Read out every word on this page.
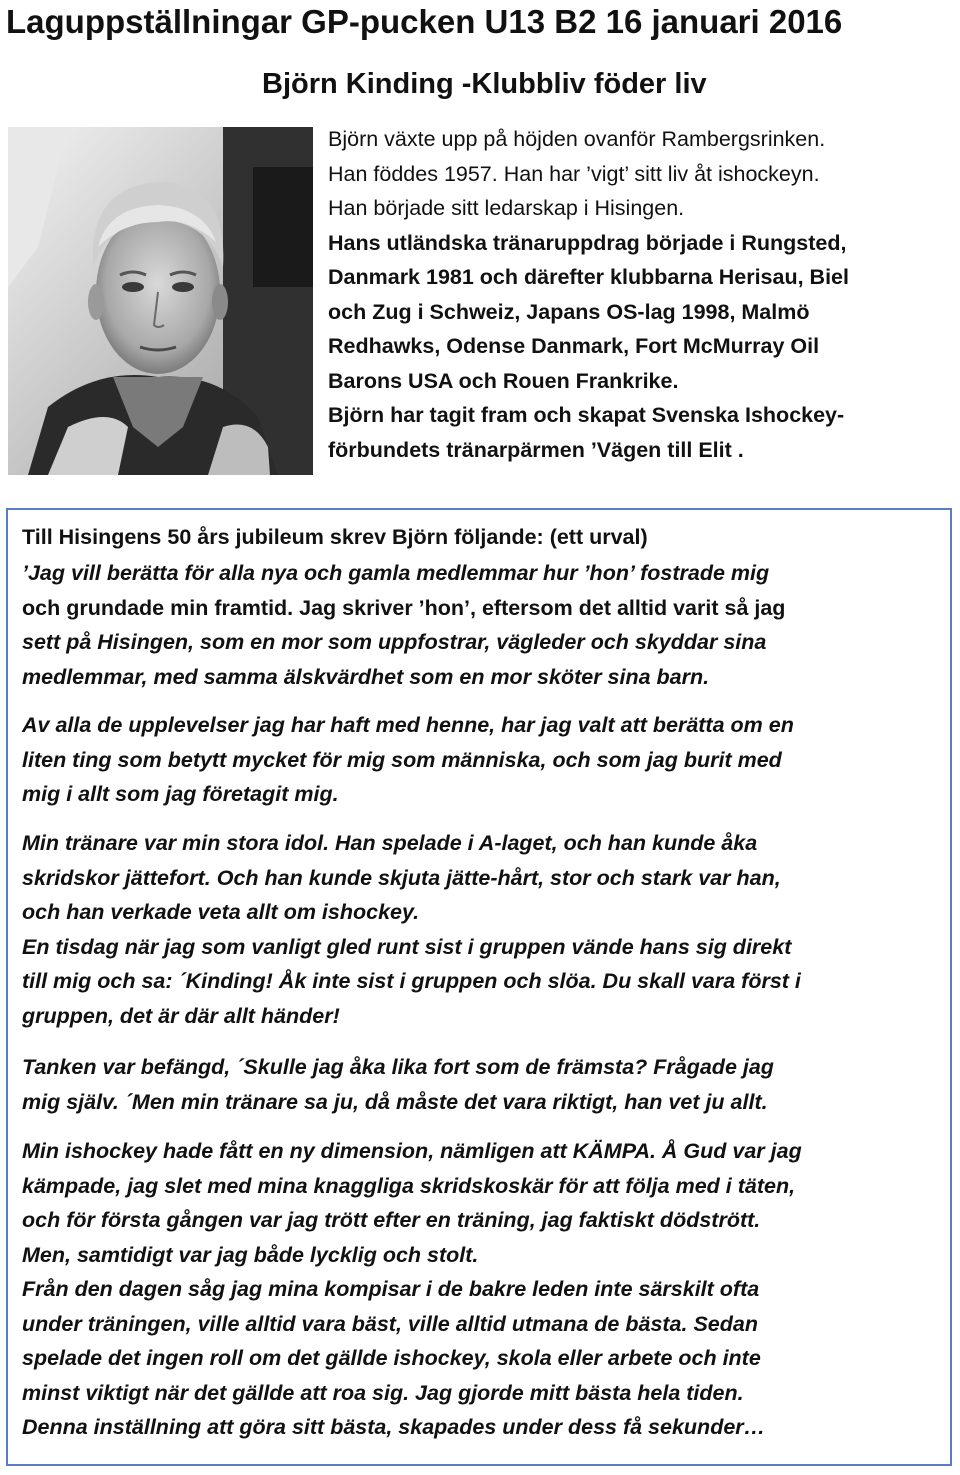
Laguppställningar GP-pucken U13 B2 16 januari 2016
Björn Kinding -Klubbliv föder liv
Björn växte upp på höjden ovanför Rambergsrinken.
Han föddes 1957. Han har ’vigt’ sitt liv åt ishockeyn.
Han började sitt ledarskap i Hisingen.
Hans utländska tränaruppdrag började i Rungsted,
Danmark 1981 och därefter klubbarna Herisau, Biel
och Zug i Schweiz, Japans OS-lag 1998, Malmö
Redhawks, Odense Danmark, Fort McMurray Oil
Barons USA och Rouen Frankrike.
Björn har tagit fram och skapat Svenska Ishockey-
förbundets tränarpärmen ’Vägen till Elit .
Till Hisingens 50 års jubileum skrev Björn följande: (ett urval)
’Jag vill berätta för alla nya och gamla medlemmar hur ’hon’ fostrade mig
och grundade min framtid. Jag skriver ’hon’, eftersom det alltid varit så jag
sett på Hisingen, som en mor som uppfostrar, vägleder och skyddar sina
medlemmar, med samma älskvärdhet som en mor sköter sina barn.
Av alla de upplevelser jag har haft med henne, har jag valt att berätta om en
liten ting som betytt mycket för mig som människa, och som jag burit med
mig i allt som jag företagit mig.
Min tränare var min stora idol. Han spelade i A-laget, och han kunde åka
skridskor jättefort. Och han kunde skjuta jätte-hårt, stor och stark var han,
och han verkade veta allt om ishockey.
En tisdag när jag som vanligt gled runt sist i gruppen vände hans sig direkt
till mig och sa: ´Kinding! Åk inte sist i gruppen och slöa. Du skall vara först i
gruppen, det är där allt händer!
Tanken var befängd, ´Skulle jag åka lika fort som de främsta? Frågade jag
mig själv. ´Men min tränare sa ju, då måste det vara riktigt, han vet ju allt.
Min ishockey hade fått en ny dimension, nämligen att KÄMPA. Å Gud var jag
kämpade, jag slet med mina knaggliga skridskoskär för att följa med i täten,
och för första gången var jag trött efter en träning, jag faktiskt dödstrött.
Men, samtidigt var jag både lycklig och stolt.
Från den dagen såg jag mina kompisar i de bakre leden inte särskilt ofta
under träningen, ville alltid vara bäst, ville alltid utmana de bästa. Sedan
spelade det ingen roll om det gällde ishockey, skola eller arbete och inte
minst viktigt när det gällde att roa sig. Jag gjorde mitt bästa hela tiden.
Denna inställning att göra sitt bästa, skapades under dess få sekunder…
